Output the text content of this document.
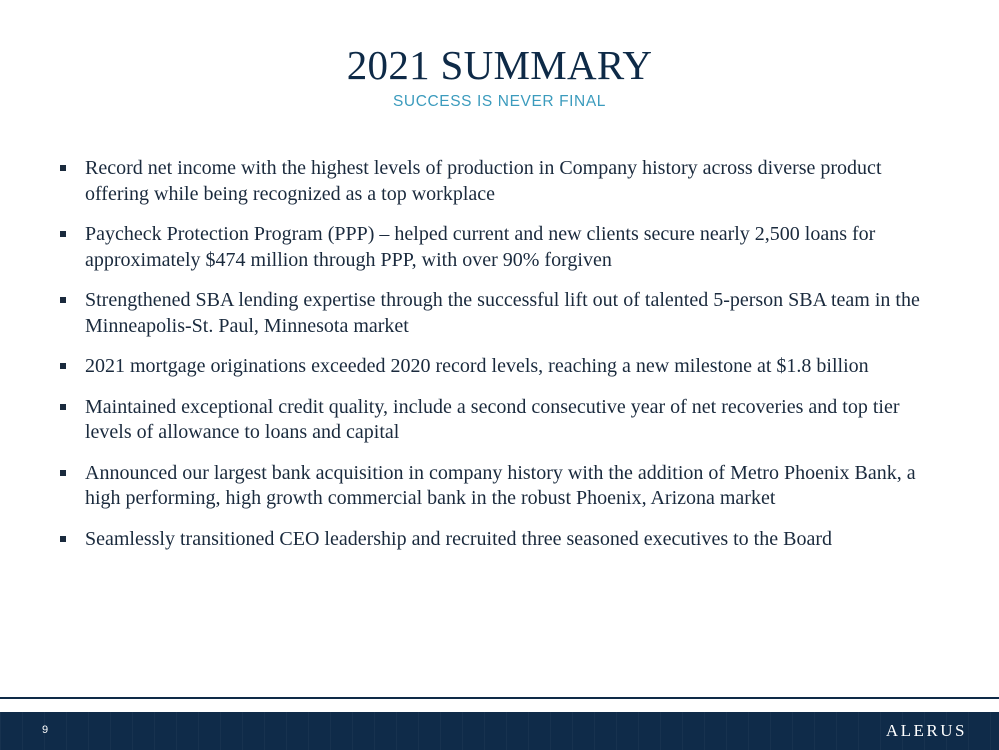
2021 SUMMARY
SUCCESS IS NEVER FINAL
Record net income with the highest levels of production in Company history across diverse product offering while being recognized as a top workplace
Paycheck Protection Program (PPP) – helped current and new clients secure nearly 2,500 loans for approximately $474 million through PPP, with over 90% forgiven
Strengthened SBA lending expertise through the successful lift out of talented 5-person SBA team in the Minneapolis-St. Paul, Minnesota market
2021 mortgage originations exceeded 2020 record levels, reaching a new milestone at $1.8 billion
Maintained exceptional credit quality, include a second consecutive year of net recoveries and top tier levels of allowance to loans and capital
Announced our largest bank acquisition in company history with the addition of Metro Phoenix Bank, a high performing, high growth commercial bank in the robust Phoenix, Arizona market
Seamlessly transitioned CEO leadership and recruited three seasoned executives to the Board
9	ALERUS
